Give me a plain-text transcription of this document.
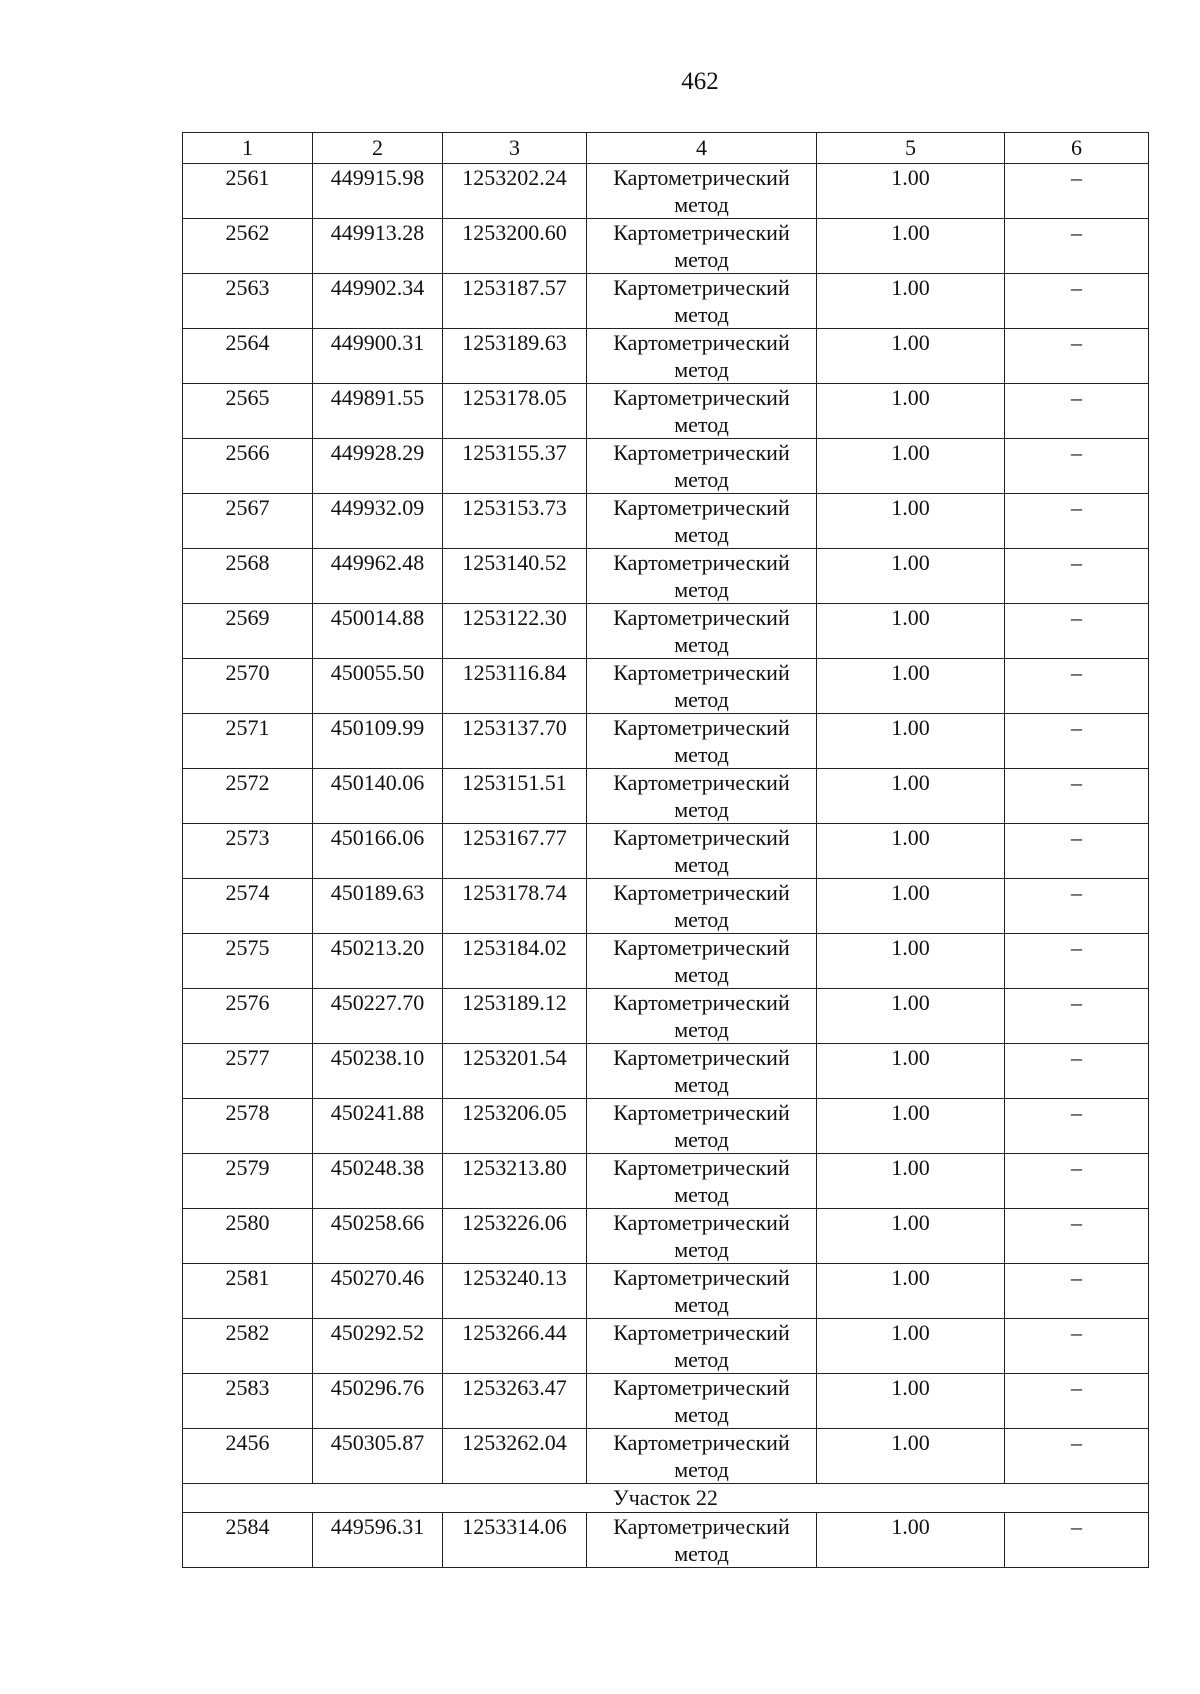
462
1	2	3	4	5	6
2561	449915.98	1253202.24	Картометрический метод	1.00	–
2562	449913.28	1253200.60	Картометрический метод	1.00	–
2563	449902.34	1253187.57	Картометрический метод	1.00	–
2564	449900.31	1253189.63	Картометрический метод	1.00	–
2565	449891.55	1253178.05	Картометрический метод	1.00	–
2566	449928.29	1253155.37	Картометрический метод	1.00	–
2567	449932.09	1253153.73	Картометрический метод	1.00	–
2568	449962.48	1253140.52	Картометрический метод	1.00	–
2569	450014.88	1253122.30	Картометрический метод	1.00	–
2570	450055.50	1253116.84	Картометрический метод	1.00	–
2571	450109.99	1253137.70	Картометрический метод	1.00	–
2572	450140.06	1253151.51	Картометрический метод	1.00	–
2573	450166.06	1253167.77	Картометрический метод	1.00	–
2574	450189.63	1253178.74	Картометрический метод	1.00	–
2575	450213.20	1253184.02	Картометрический метод	1.00	–
2576	450227.70	1253189.12	Картометрический метод	1.00	–
2577	450238.10	1253201.54	Картометрический метод	1.00	–
2578	450241.88	1253206.05	Картометрический метод	1.00	–
2579	450248.38	1253213.80	Картометрический метод	1.00	–
2580	450258.66	1253226.06	Картометрический метод	1.00	–
2581	450270.46	1253240.13	Картометрический метод	1.00	–
2582	450292.52	1253266.44	Картометрический метод	1.00	–
2583	450296.76	1253263.47	Картометрический метод	1.00	–
2456	450305.87	1253262.04	Картометрический метод	1.00	–
Участок 22					
2584	449596.31	1253314.06	Картометрический метод	1.00	–
